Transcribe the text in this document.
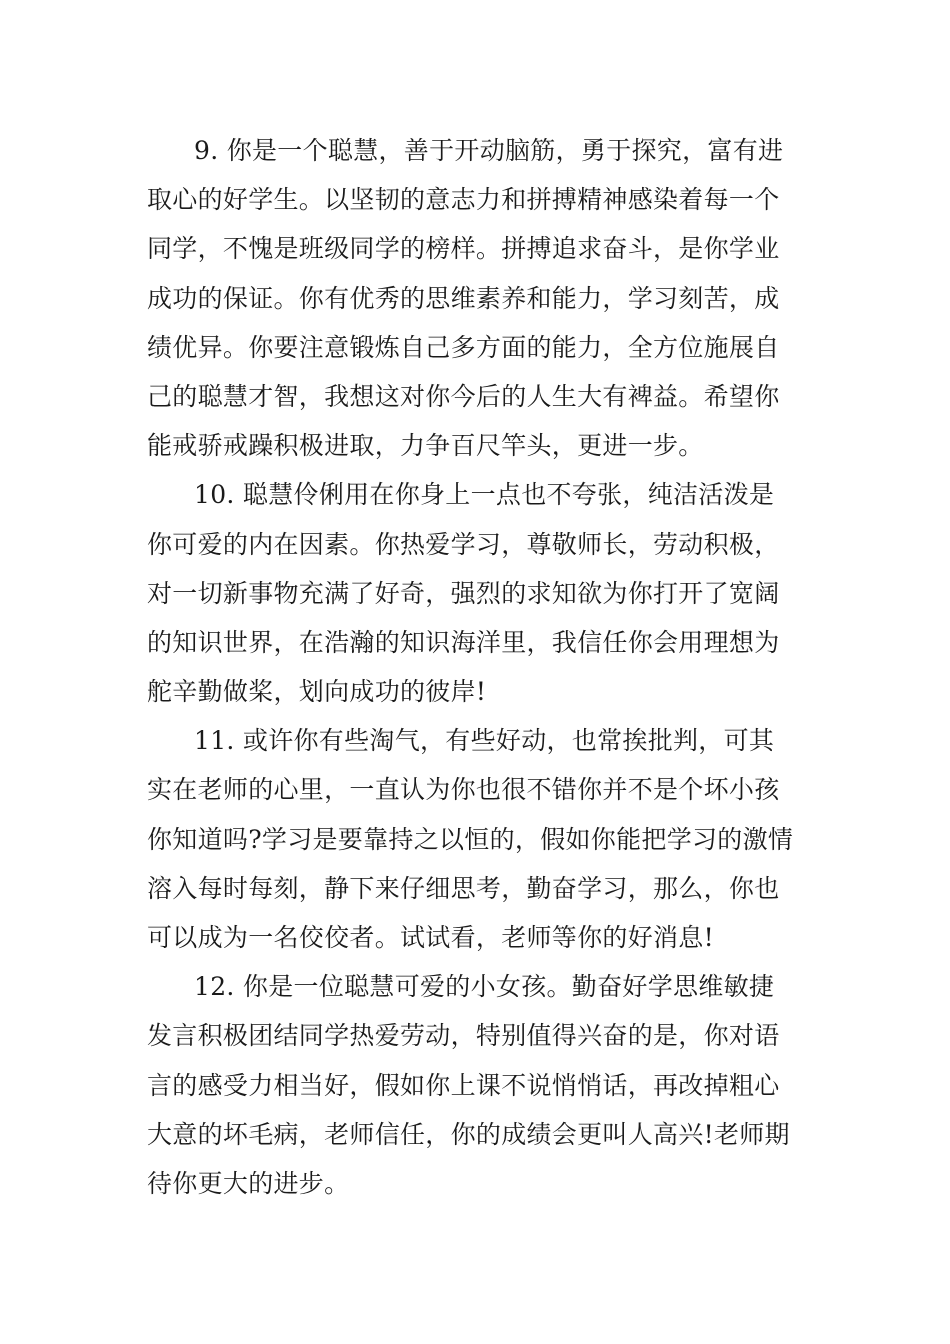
9. 你是一个聪慧，善于开动脑筋，勇于探究，富有进
取心的好学生。以坚韧的意志力和拼搏精神感染着每一个
同学，不愧是班级同学的榜样。拼搏追求奋斗，是你学业
成功的保证。你有优秀的思维素养和能力，学习刻苦，成
绩优异。你要注意锻炼自己多方面的能力，全方位施展自
己的聪慧才智，我想这对你今后的人生大有裨益。希望你
能戒骄戒躁积极进取，力争百尺竿头，更进一步。
10. 聪慧伶俐用在你身上一点也不夸张，纯洁活泼是
你可爱的内在因素。你热爱学习，尊敬师长，劳动积极，
对一切新事物充满了好奇，强烈的求知欲为你打开了宽阔
的知识世界，在浩瀚的知识海洋里，我信任你会用理想为
舵辛勤做桨，划向成功的彼岸!
11. 或许你有些淘气，有些好动，也常挨批判，可其
实在老师的心里，一直认为你也很不错你并不是个坏小孩
你知道吗?学习是要靠持之以恒的，假如你能把学习的激情
溶入每时每刻，静下来仔细思考，勤奋学习，那么，你也
可以成为一名佼佼者。试试看，老师等你的好消息!
12. 你是一位聪慧可爱的小女孩。勤奋好学思维敏捷
发言积极团结同学热爱劳动，特别值得兴奋的是，你对语
言的感受力相当好，假如你上课不说悄悄话，再改掉粗心
大意的坏毛病，老师信任，你的成绩会更叫人高兴!老师期
待你更大的进步。
